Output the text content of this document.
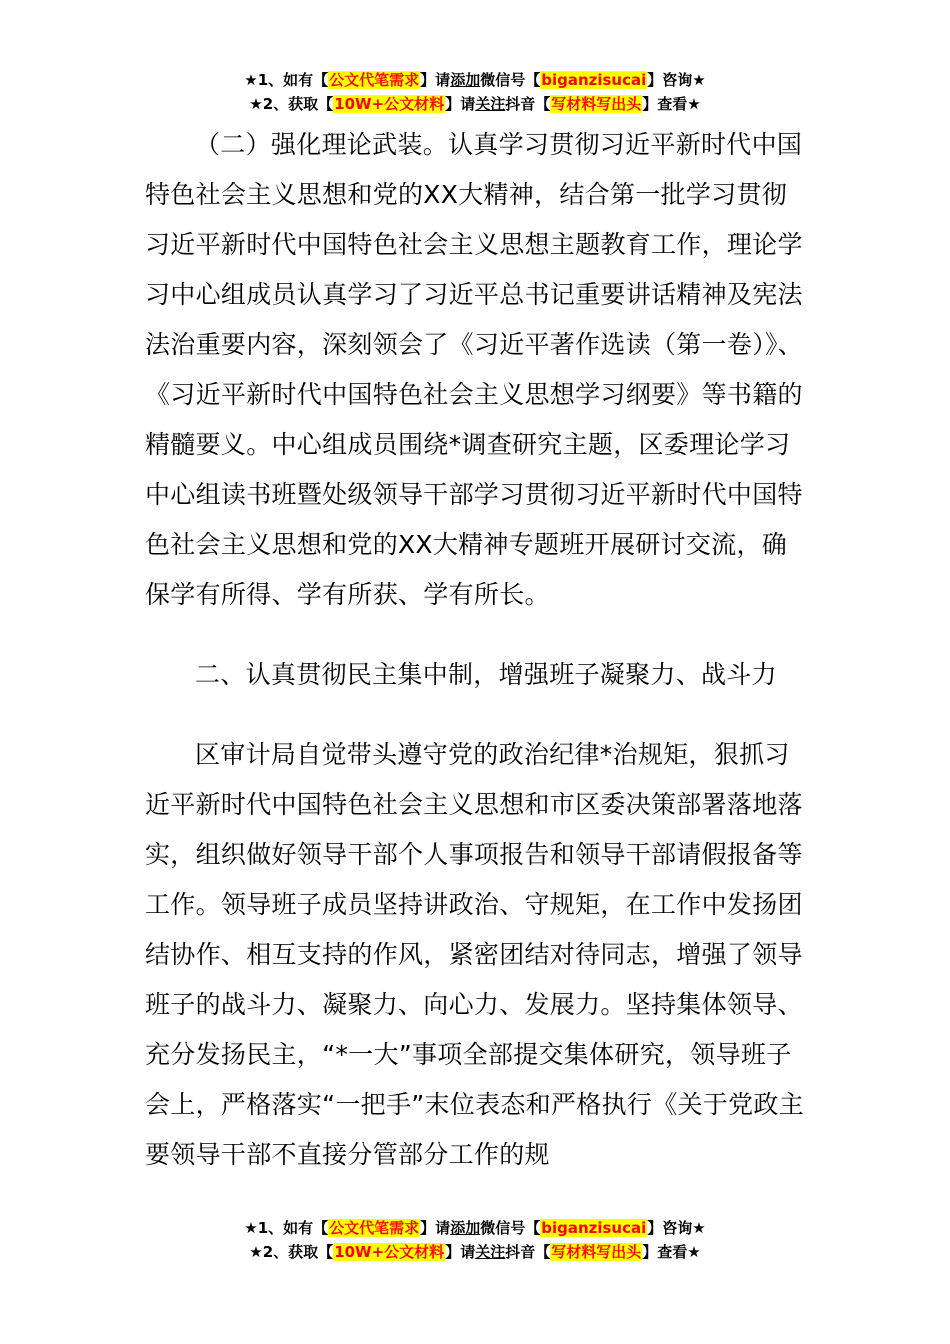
★1、如有【公文代笔需求】请添加微信号【biganzisucai】咨询★
★2、获取【10W+公文材料】请关注抖音【写材料写出头】查看★

（二）强化理论武装。认真学习贯彻习近平新时代中国特色社会主义思想和党的XX大精神，结合第一批学习贯彻习近平新时代中国特色社会主义思想主题教育工作，理论学习中心组成员认真学习了习近平总书记重要讲话精神及宪法法治重要内容，深刻领会了《习近平著作选读（第一卷）》、《习近平新时代中国特色社会主义思想学习纲要》等书籍的精髓要义。中心组成员围绕*调查研究主题，区委理论学习中心组读书班暨处级领导干部学习贯彻习近平新时代中国特色社会主义思想和党的XX大精神专题班开展研讨交流，确保学有所得、学有所获、学有所长。

二、认真贯彻民主集中制，增强班子凝聚力、战斗力

区审计局自觉带头遵守党的政治纪律*治规矩，狠抓习近平新时代中国特色社会主义思想和市区委决策部署落地落实，组织做好领导干部个人事项报告和领导干部请假报备等工作。领导班子成员坚持讲政治、守规矩，在工作中发扬团结协作、相互支持的作风，紧密团结对待同志，增强了领导班子的战斗力、凝聚力、向心力、发展力。坚持集体领导、充分发扬民主，“*一大”事项全部提交集体研究，领导班子会上，严格落实“一把手”末位表态和严格执行《关于党政主要领导干部不直接分管部分工作的规

★1、如有【公文代笔需求】请添加微信号【biganzisucai】咨询★
★2、获取【10W+公文材料】请关注抖音【写材料写出头】查看★
